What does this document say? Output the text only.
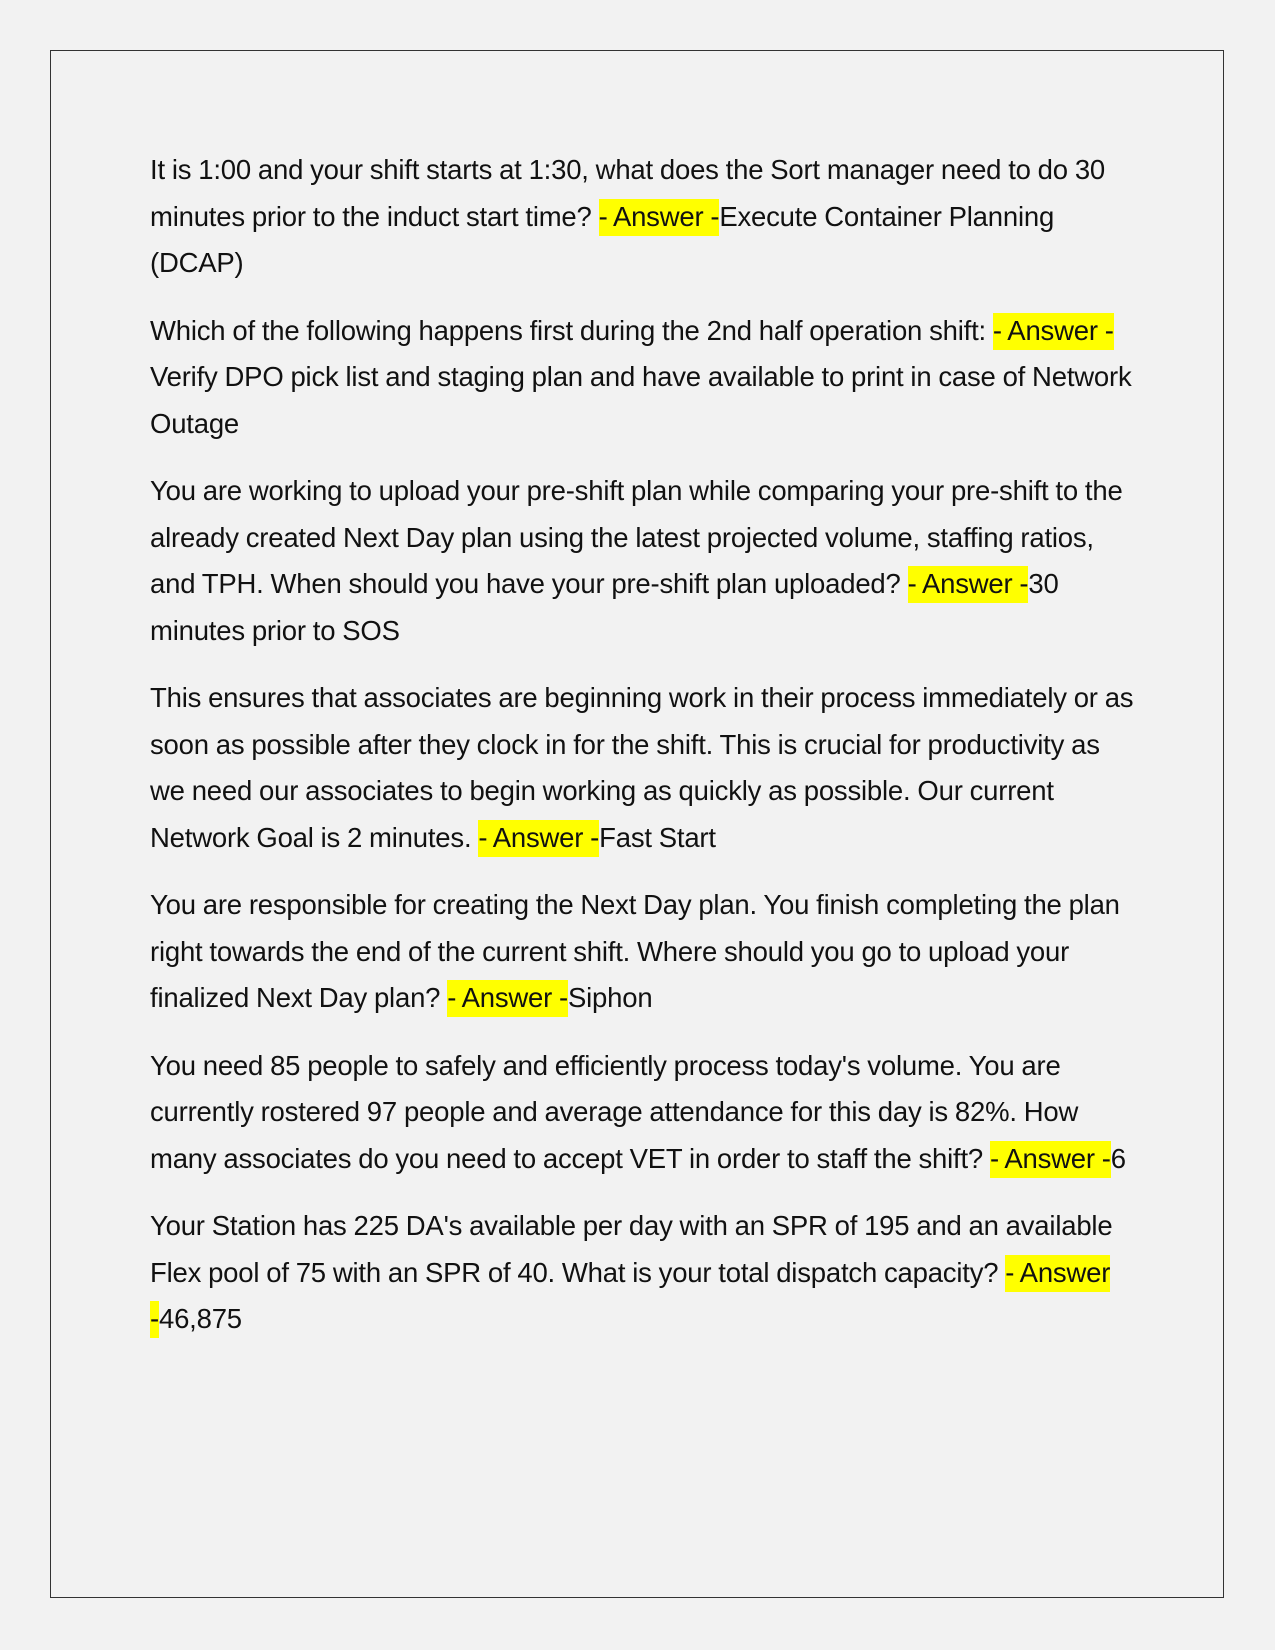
It is 1:00 and your shift starts at 1:30, what does the Sort manager need to do 30 minutes prior to the induct start time? - Answer -Execute Container Planning (DCAP)

Which of the following happens first during the 2nd half operation shift: - Answer -Verify DPO pick list and staging plan and have available to print in case of Network Outage

You are working to upload your pre-shift plan while comparing your pre-shift to the already created Next Day plan using the latest projected volume, staffing ratios, and TPH. When should you have your pre-shift plan uploaded? - Answer -30 minutes prior to SOS

This ensures that associates are beginning work in their process immediately or as soon as possible after they clock in for the shift. This is crucial for productivity as we need our associates to begin working as quickly as possible. Our current Network Goal is 2 minutes. - Answer -Fast Start

You are responsible for creating the Next Day plan. You finish completing the plan right towards the end of the current shift. Where should you go to upload your finalized Next Day plan? - Answer -Siphon

You need 85 people to safely and efficiently process today's volume. You are currently rostered 97 people and average attendance for this day is 82%. How many associates do you need to accept VET in order to staff the shift? - Answer -6

Your Station has 225 DA's available per day with an SPR of 195 and an available Flex pool of 75 with an SPR of 40. What is your total dispatch capacity? - Answer -46,875
